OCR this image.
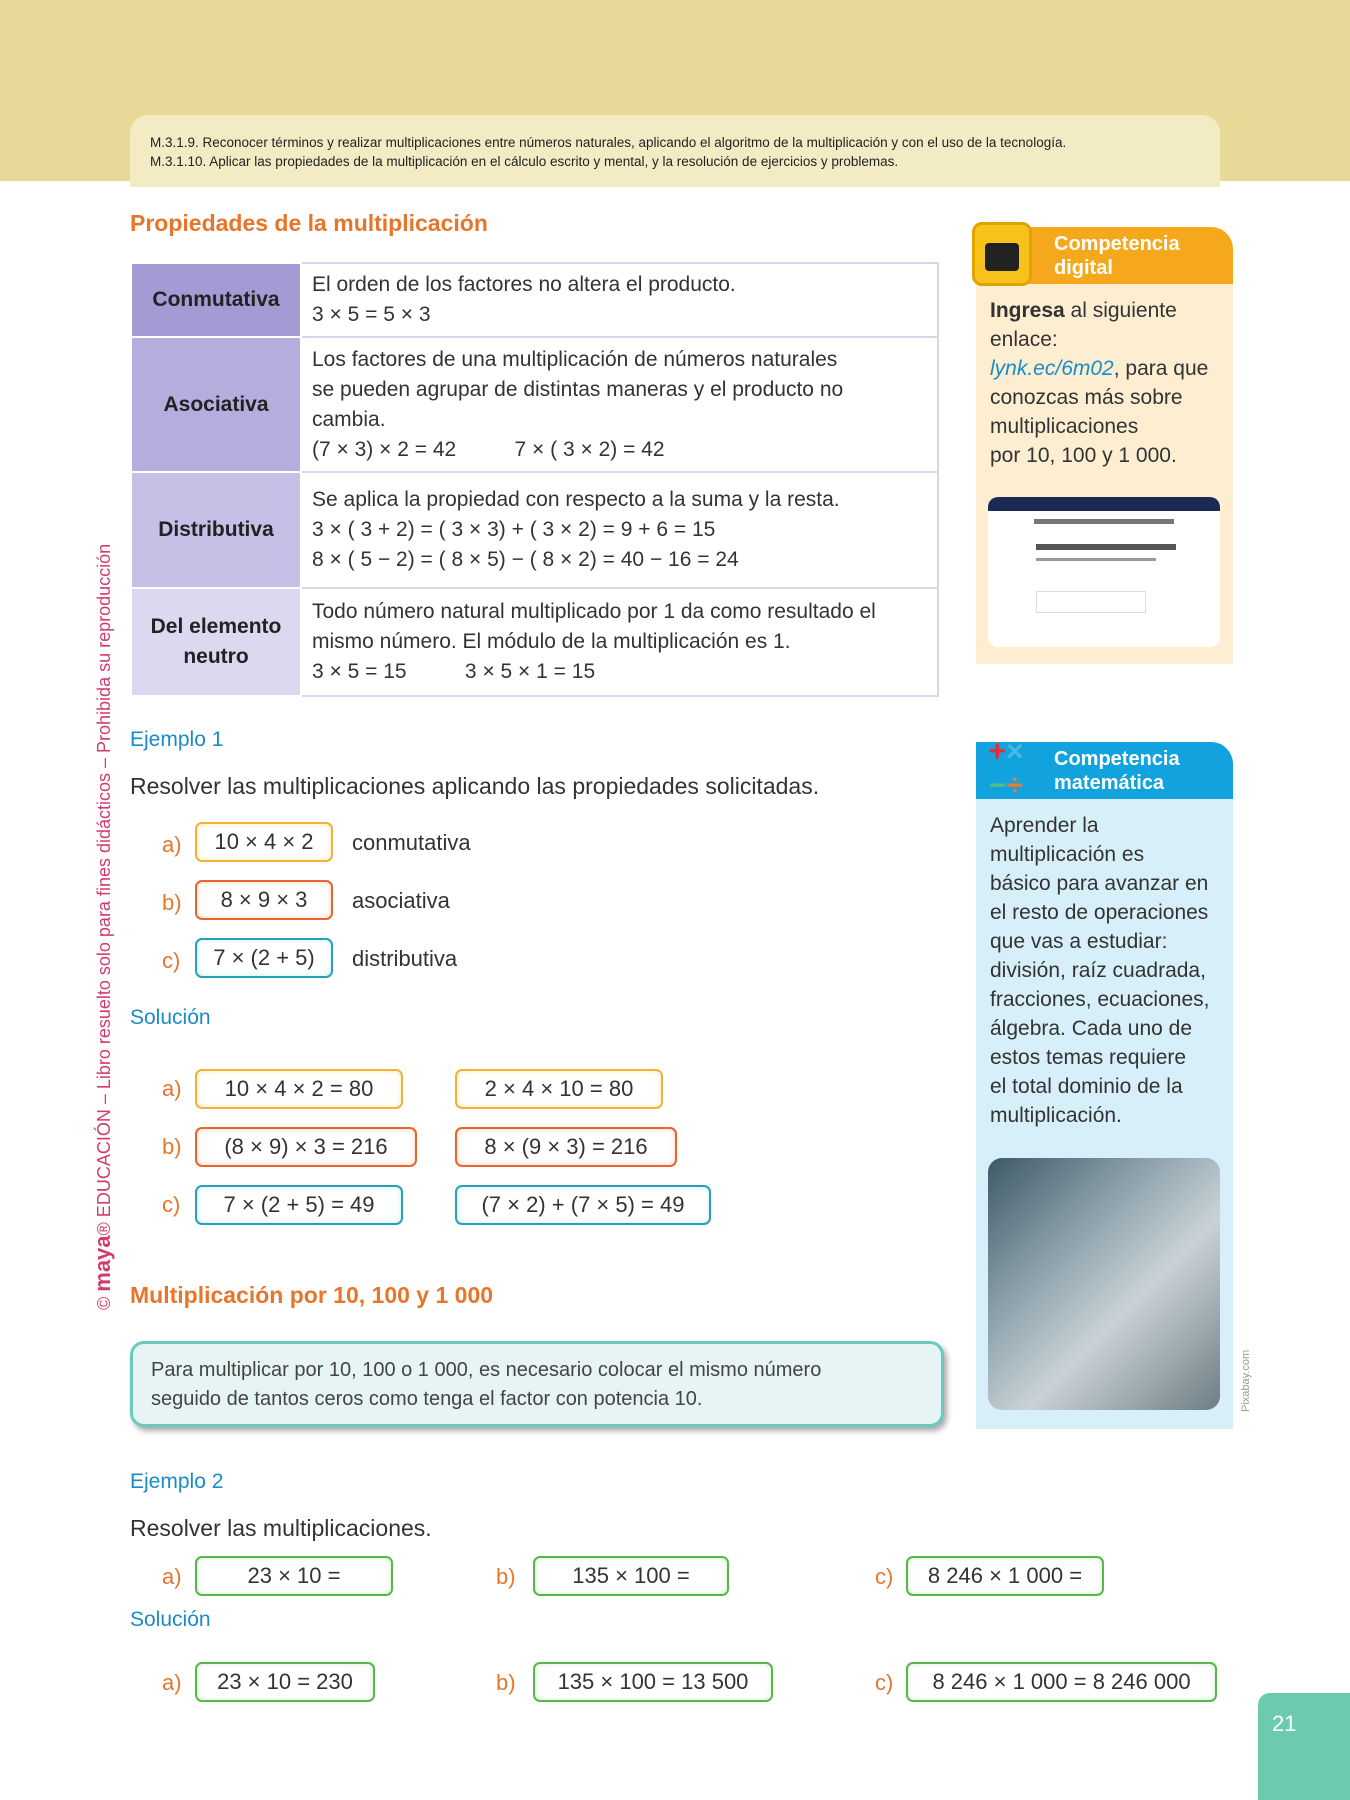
M.3.1.9. Reconocer términos y realizar multiplicaciones entre números naturales, aplicando el algoritmo de la multiplicación y con el uso de la tecnología.
M.3.1.10. Aplicar las propiedades de la multiplicación en el cálculo escrito y mental, y la resolución de ejercicios y problemas.
Propiedades de la multiplicación
Conmutativa	El orden de los factores no altera el producto.
3 × 5 = 5 × 3

Asociativa	Los factores de una multiplicación de números naturales
se pueden agrupar de distintas maneras y el producto no
cambia.
(7 × 3) × 2 = 42          7 × ( 3 × 2) = 42

Distributiva	Se aplica la propiedad con respecto a la suma y la resta.
3 × ( 3 + 2) = ( 3 × 3) + ( 3 × 2) = 9 + 6 = 15
8 × ( 5 − 2) = ( 8 × 5) − ( 8 × 2) = 40 − 16 = 24

Del elemento neutro	Todo número natural multiplicado por 1 da como resultado el
mismo número. El módulo de la multiplicación es 1.
3 × 5 = 15          3 × 5 × 1 = 15
Ejemplo 1
Resolver las multiplicaciones aplicando las propiedades solicitadas.
a)	10 × 4 × 2	conmutativa
b)	8 × 9 × 3	asociativa
c)	7 × (2 + 5)	distributiva
Solución
a)	10 × 4 × 2 = 80	2 × 4 × 10 = 80
b)	(8 × 9) × 3 = 216	8 × (9 × 3) = 216
c)	7 × (2 + 5) = 49	(7 × 2) + (7 × 5) = 49
Multiplicación por 10, 100 y 1 000
Para multiplicar por 10, 100 o 1 000, es necesario colocar el mismo número
seguido de tantos ceros como tenga el factor con potencia 10.
Ejemplo 2
Resolver las multiplicaciones.
a)	23 × 10 =	b)	135 × 100 =	c)	8 246 × 1 000 =
Solución
a)	23 × 10 = 230	b)	135 × 100 = 13 500	c)	8 246 × 1 000 = 8 246 000
Competencia digital
Ingresa al siguiente
enlace:
lynk.ec/6m02, para que
conozcas más sobre
multiplicaciones
por 10, 100 y 1 000.
Competencia matemática
Aprender la
multiplicación es
básico para avanzar en
el resto de operaciones
que vas a estudiar:
división, raíz cuadrada,
fracciones, ecuaciones,
álgebra. Cada uno de
estos temas requiere
el total dominio de la
multiplicación.
+×
−÷
Pixabay.com
© maya® EDUCACIÓN – Libro resuelto solo para fines didácticos – Prohibida su reproducción
21
